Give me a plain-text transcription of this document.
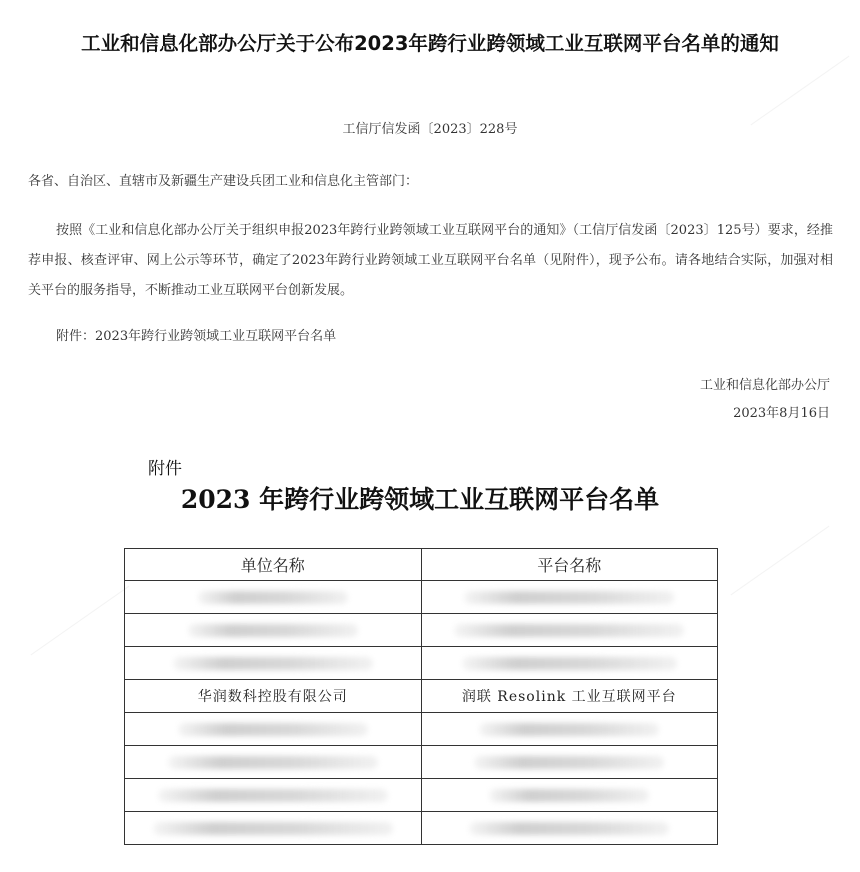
工业和信息化部办公厅关于公布2023年跨行业跨领域工业互联网平台名单的通知
工信厅信发函〔2023〕228号
各省、自治区、直辖市及新疆生产建设兵团工业和信息化主管部门：
按照《工业和信息化部办公厅关于组织申报2023年跨行业跨领域工业互联网平台的通知》（工信厅信发函〔2023〕125号）要求，经推荐申报、核查评审、网上公示等环节，确定了2023年跨行业跨领域工业互联网平台名单（见附件），现予公布。请各地结合实际，加强对相关平台的服务指导，不断推动工业互联网平台创新发展。
附件：2023年跨行业跨领域工业互联网平台名单
工业和信息化部办公厅
2023年8月16日
附件
2023 年跨行业跨领域工业互联网平台名单
单位名称	平台名称

华润数科控股有限公司	润联 Resolink 工业互联网平台
